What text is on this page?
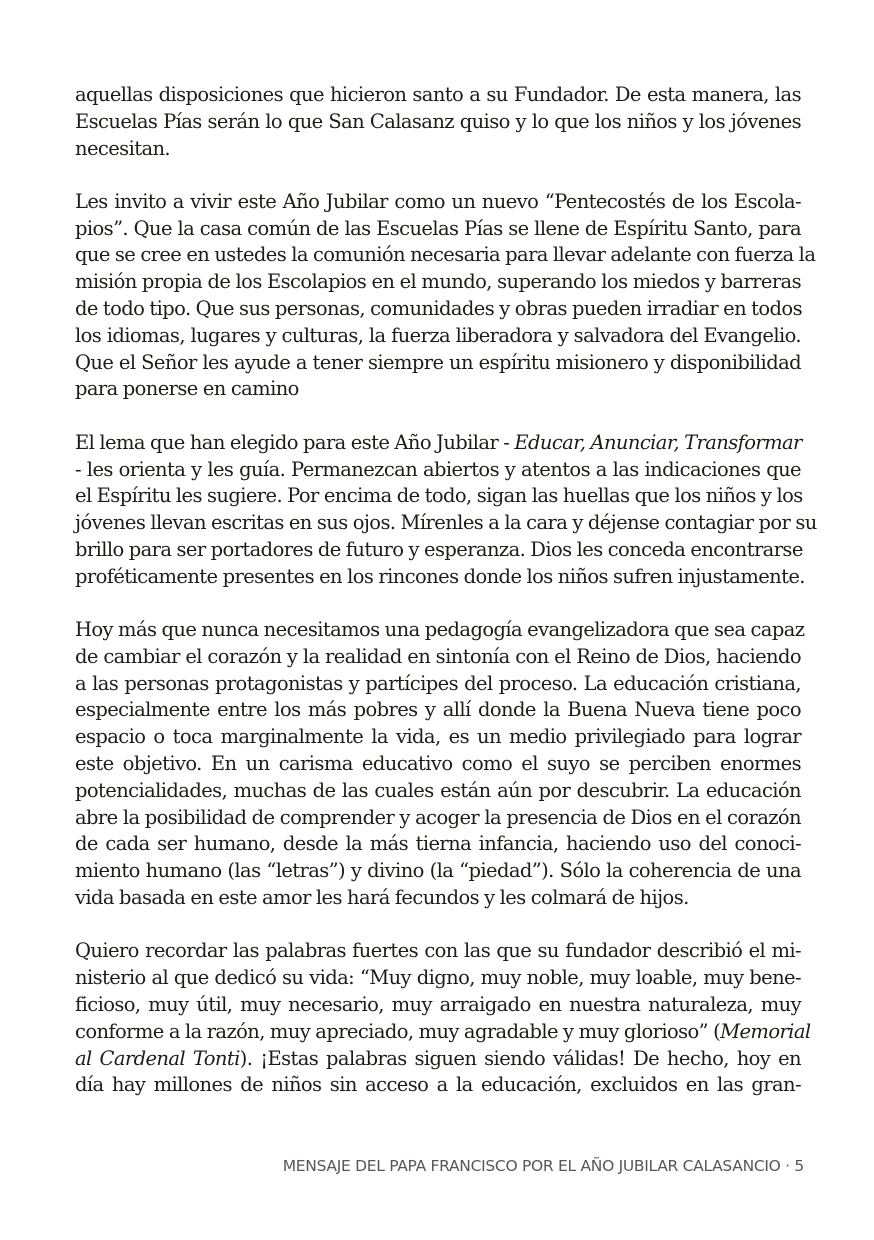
aquellas disposiciones que hicieron santo a su Fundador. De esta manera, las
Escuelas Pías serán lo que San Calasanz quiso y lo que los niños y los jóvenes
necesitan.

Les invito a vivir este Año Jubilar como un nuevo “Pentecostés de los Escola-
pios”. Que la casa común de las Escuelas Pías se llene de Espíritu Santo, para
que se cree en ustedes la comunión necesaria para llevar adelante con fuerza la
misión propia de los Escolapios en el mundo, superando los miedos y barreras
de todo tipo. Que sus personas, comunidades y obras pueden irradiar en todos
los idiomas, lugares y culturas, la fuerza liberadora y salvadora del Evangelio.
Que el Señor les ayude a tener siempre un espíritu misionero y disponibilidad
para ponerse en camino

El lema que han elegido para este Año Jubilar - Educar, Anunciar, Transformar
- les orienta y les guía. Permanezcan abiertos y atentos a las indicaciones que
el Espíritu les sugiere. Por encima de todo, sigan las huellas que los niños y los
jóvenes llevan escritas en sus ojos. Mírenles a la cara y déjense contagiar por su
brillo para ser portadores de futuro y esperanza. Dios les conceda encontrarse
proféticamente presentes en los rincones donde los niños sufren injustamente.

Hoy más que nunca necesitamos una pedagogía evangelizadora que sea capaz
de cambiar el corazón y la realidad en sintonía con el Reino de Dios, haciendo
a las personas protagonistas y partícipes del proceso. La educación cristiana,
especialmente entre los más pobres y allí donde la Buena Nueva tiene poco
espacio o toca marginalmente la vida, es un medio privilegiado para lograr
este objetivo. En un carisma educativo como el suyo se perciben enormes
potencialidades, muchas de las cuales están aún por descubrir. La educación
abre la posibilidad de comprender y acoger la presencia de Dios en el corazón
de cada ser humano, desde la más tierna infancia, haciendo uso del conoci-
miento humano (las “letras”) y divino (la “piedad”). Sólo la coherencia de una
vida basada en este amor les hará fecundos y les colmará de hijos.

Quiero recordar las palabras fuertes con las que su fundador describió el mi-
nisterio al que dedicó su vida: “Muy digno, muy noble, muy loable, muy bene-
ficioso, muy útil, muy necesario, muy arraigado en nuestra naturaleza, muy
conforme a la razón, muy apreciado, muy agradable y muy glorioso” (Memorial
al Cardenal Tonti). ¡Estas palabras siguen siendo válidas! De hecho, hoy en
día hay millones de niños sin acceso a la educación, excluidos en las gran-

MENSAJE DEL PAPA FRANCISCO POR EL AÑO JUBILAR CALASANCIO · 5
